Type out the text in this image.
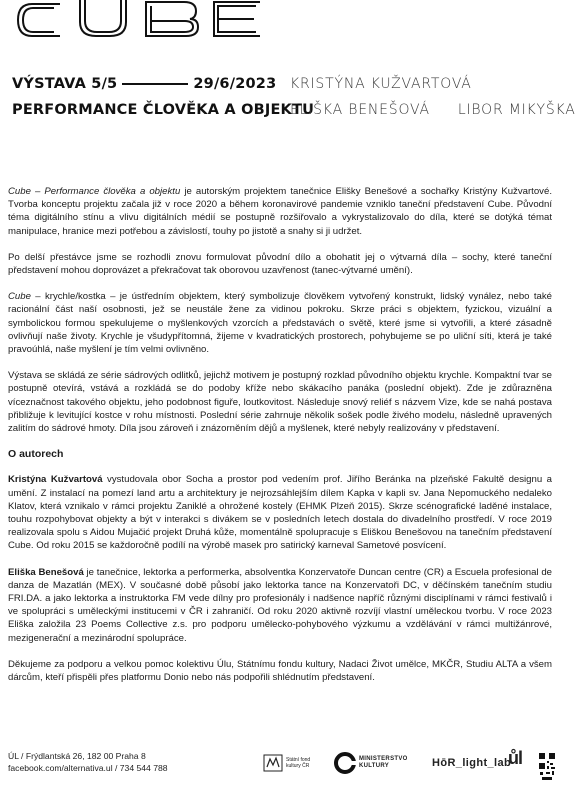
VÝSTAVA 5/5	29/6/2023
PERFORMANCE ČLOVĚKA A OBJEKTU
KRISTÝNA KUŽVARTOVÁ
ELIŠKA BENEŠOVÁ LIBOR MIKYŠKA

Cube – Performance člověka a objektu je autorským projektem tanečnice Elišky Benešové a sochařky Kristýny Kužvartové. Tvorba konceptu projektu začala již v roce 2020 a během koronavirové pandemie vzniklo taneční představení Cube. Původní téma digitálního stínu a vlivu digitálních médií se postupně rozšiřovalo a vykrystalizovalo do díla, které se dotýká témat manipulace, hranice mezi potřebou a závislostí, touhy po jistotě a snahy si ji udržet.

Po delší přestávce jsme se rozhodli znovu formulovat původní dílo a obohatit jej o výtvarná díla – sochy, které taneční představení mohou doprovázet a překračovat tak oborovou uzavřenost (tanec-výtvarné umění).

Cube – krychle/kostka – je ústředním objektem, který symbolizuje člověkem vytvořený konstrukt, lidský vynález, nebo také racionální část naší osobnosti, jež se neustále žene za vidinou pokroku. Skrze práci s objektem, fyzickou, vizuální a symbolickou formou spekulujeme o myšlenkových vzorcích a představách o světě, které jsme si vytvořili, a které zásadně ovlivňují naše životy. Krychle je všudypřítomná, žijeme v kvadratických prostorech, pohybujeme se po uliční síti, která je také pravoúhlá, naše myšlení je tím velmi ovlivněno.

Výstava se skládá ze série sádrových odlitků, jejichž motivem je postupný rozklad původního objektu krychle. Kompaktní tvar se postupně otevírá, vstává a rozkládá se do podoby kříže nebo skákacího panáka (poslední objekt). Zde je zdůrazněna víceznačnost takového objektu, jeho podobnost figuře, loutkovitost. Následuje snový reliéf s názvem Vize, kde se nahá postava přibližuje k levitující kostce v rohu místnosti. Poslední série zahrnuje několik sošek podle živého modelu, následně upravených zalitím do sádrové hmoty. Díla jsou zároveň i znázorněním dějů a myšlenek, které nebyly realizovány v představení.

O autorech

Kristýna Kužvartová vystudovala obor Socha a prostor pod vedením prof. Jiřího Beránka na plzeňské Fakultě designu a umění. Z instalací na pomezí land artu a architektury je nejrozsáhlejším dílem Kapka v kapli sv. Jana Nepomuckého nedaleko Klatov, která vznikalo v rámci projektu Zaniklé a ohrožené kostely (EHMK Plzeň 2015). Skrze scénografické laděné instalace, touhu rozpohybovat objekty a být v interakci s divákem se v posledních letech dostala do divadelního prostředí. V roce 2019 realizovala spolu s Aidou Mujačić projekt Druhá kůže, momentálně spolupracuje s Eliškou Benešovou na tanečním představení Cube. Od roku 2015 se každoročně podílí na výrobě masek pro satirický karneval Sametové posvícení.

Eliška Benešová je tanečnice, lektorka a performerka, absolventka Konzervatoře Duncan centre (CR) a Escuela profesional de danza de Mazatlán (MEX). V současné době působí jako lektorka tance na Konzervatoři DC, v děčínském tanečním studiu FRI.DA. a jako lektorka a instruktorka FM vede dílny pro profesionály i nadšence napříč různými disciplínami v rámci festivalů i ve spolupráci s uměleckými institucemi v ČR i zahraničí. Od roku 2020 aktivně rozvíjí vlastní uměleckou tvorbu. V roce 2023 Eliška založila 23 Poems Collective z.s. pro podporu umělecko-pohybového výzkumu a vzdělávání v rámci multižánrové, mezigenerační a mezinárodní spolupráce.

Děkujeme za podporu a velkou pomoc kolektivu Úlu, Státnímu fondu kultury, Nadaci Život umělce, MKČR, Studiu ALTA a všem dárcům, kteří přispěli přes platformu Donio nebo nás podpořili shlédnutím představení.

ÚL / Frýdlantská 26, 182 00 Praha 8
facebook.com/alternativa.ul / 734 544 788
Státní fond kultury ČR
MINISTERSTVO
KULTURY	HōR_light_lab
ůl
